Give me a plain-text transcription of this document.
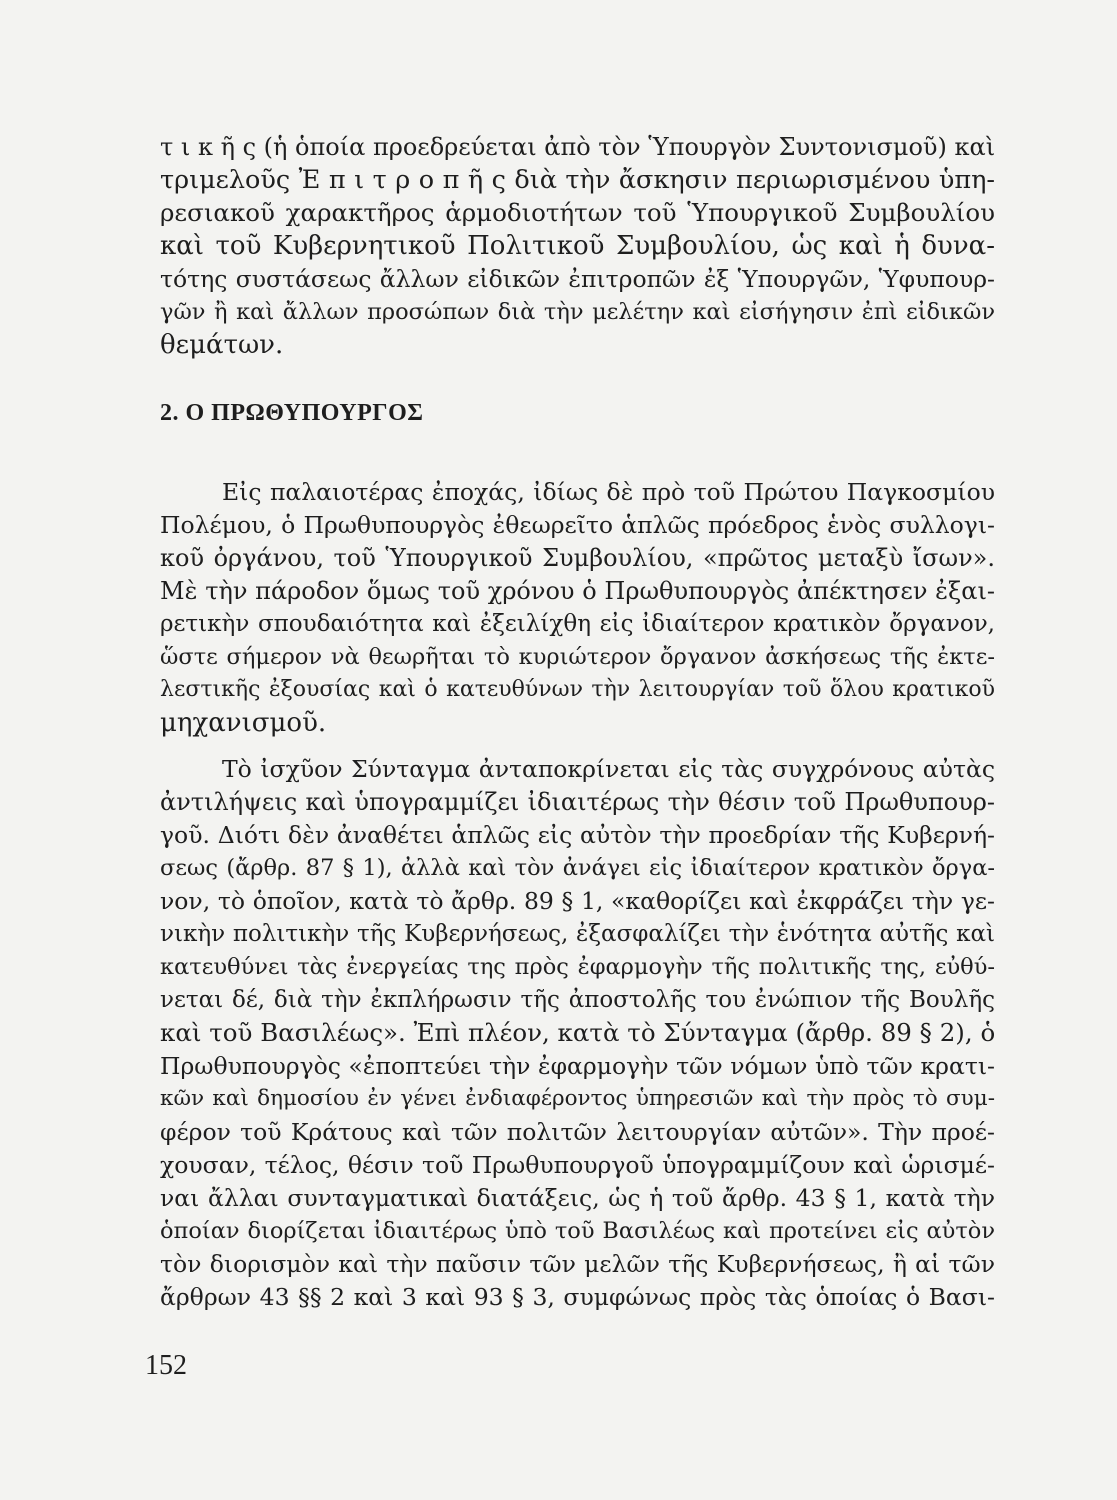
τ ι κ ῆ ς (ἡ ὁποία προεδρεύεται ἀπὸ τὸν Ὑπουργὸν Συντονισμοῦ) καὶ
τριμελοῦς Ἐ π ι τ ρ ο π ῆ ς διὰ τὴν ἄσκησιν περιωρισμένου ὑπη-
ρεσιακοῦ χαρακτῆρος ἁρμοδιοτήτων τοῦ Ὑπουργικοῦ Συμβουλίου
καὶ τοῦ Κυβερνητικοῦ Πολιτικοῦ Συμβουλίου, ὡς καὶ ἡ δυνα-
τότης συστάσεως ἄλλων εἰδικῶν ἐπιτροπῶν ἐξ Ὑπουργῶν, Ὑφυπουρ-
γῶν ἢ καὶ ἄλλων προσώπων διὰ τὴν μελέτην καὶ εἰσήγησιν ἐπὶ εἰδικῶν
θεμάτων.
2. Ο ΠΡΩΘΥΠΟΥΡΓΟΣ
Εἰς παλαιοτέρας ἐποχάς, ἰδίως δὲ πρὸ τοῦ Πρώτου Παγκοσμίου
Πολέμου, ὁ Πρωθυπουργὸς ἐθεωρεῖτο ἁπλῶς πρόεδρος ἑνὸς συλλογι-
κοῦ ὀργάνου, τοῦ Ὑπουργικοῦ Συμβουλίου, «πρῶτος μεταξὺ ἴσων».
Μὲ τὴν πάροδον ὅμως τοῦ χρόνου ὁ Πρωθυπουργὸς ἀπέκτησεν ἐξαι-
ρετικὴν σπουδαιότητα καὶ ἐξειλίχθη εἰς ἰδιαίτερον κρατικὸν ὄργανον,
ὥστε σήμερον νὰ θεωρῆται τὸ κυριώτερον ὄργανον ἀσκήσεως τῆς ἐκτε-
λεστικῆς ἐξουσίας καὶ ὁ κατευθύνων τὴν λειτουργίαν τοῦ ὅλου κρατικοῦ
μηχανισμοῦ.
Τὸ ἰσχῦον Σύνταγμα ἀνταποκρίνεται εἰς τὰς συγχρόνους αὐτὰς
ἀντιλήψεις καὶ ὑπογραμμίζει ἰδιαιτέρως τὴν θέσιν τοῦ Πρωθυπουρ-
γοῦ. Διότι δὲν ἀναθέτει ἁπλῶς εἰς αὐτὸν τὴν προεδρίαν τῆς Κυβερνή-
σεως (ἄρθρ. 87 § 1), ἀλλὰ καὶ τὸν ἀνάγει εἰς ἰδιαίτερον κρατικὸν ὄργα-
νον, τὸ ὁποῖον, κατὰ τὸ ἄρθρ. 89 § 1, «καθορίζει καὶ ἐκφράζει τὴν γε-
νικὴν πολιτικὴν τῆς Κυβερνήσεως, ἐξασφαλίζει τὴν ἑνότητα αὐτῆς καὶ
κατευθύνει τὰς ἐνεργείας της πρὸς ἐφαρμογὴν τῆς πολιτικῆς της, εὐθύ-
νεται δέ, διὰ τὴν ἐκπλήρωσιν τῆς ἀποστολῆς του ἐνώπιον τῆς Βουλῆς
καὶ τοῦ Βασιλέως». Ἐπὶ πλέον, κατὰ τὸ Σύνταγμα (ἄρθρ. 89 § 2), ὁ
Πρωθυπουργὸς «ἐποπτεύει τὴν ἐφαρμογὴν τῶν νόμων ὑπὸ τῶν κρατι-
κῶν καὶ δημοσίου ἐν γένει ἐνδιαφέροντος ὑπηρεσιῶν καὶ τὴν πρὸς τὸ συμ-
φέρον τοῦ Κράτους καὶ τῶν πολιτῶν λειτουργίαν αὐτῶν». Τὴν προέ-
χουσαν, τέλος, θέσιν τοῦ Πρωθυπουργοῦ ὑπογραμμίζουν καὶ ὡρισμέ-
ναι ἄλλαι συνταγματικαὶ διατάξεις, ὡς ἡ τοῦ ἄρθρ. 43 § 1, κατὰ τὴν
ὁποίαν διορίζεται ἰδιαιτέρως ὑπὸ τοῦ Βασιλέως καὶ προτείνει εἰς αὐτὸν
τὸν διορισμὸν καὶ τὴν παῦσιν τῶν μελῶν τῆς Κυβερνήσεως, ἢ αἱ τῶν
ἄρθρων 43 §§ 2 καὶ 3 καὶ 93 § 3, συμφώνως πρὸς τὰς ὁποίας ὁ Βασι-
152
